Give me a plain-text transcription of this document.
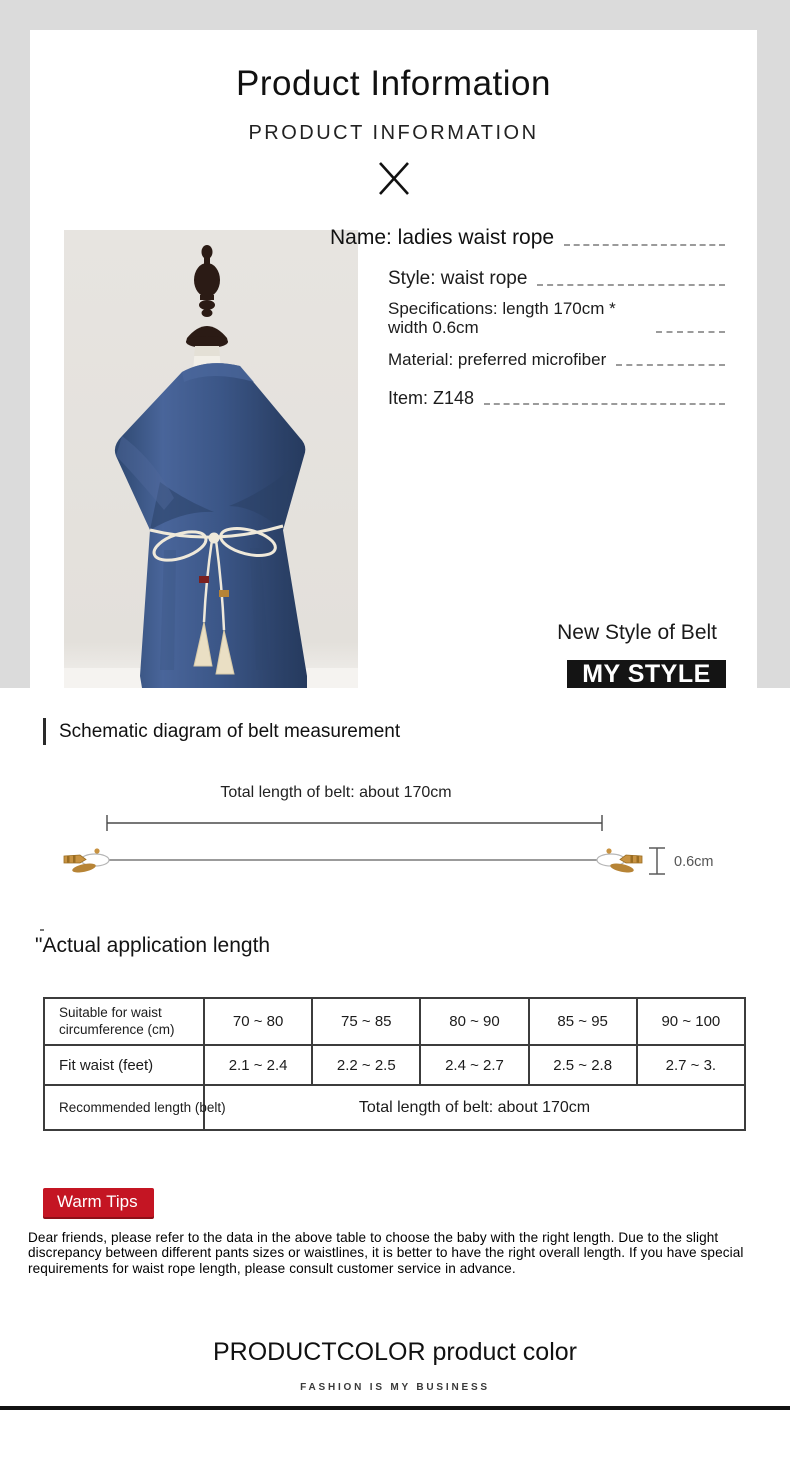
Product Information
PRODUCT INFORMATION
Name: ladies waist rope
Style: waist rope
Specifications: length 170cm * width 0.6cm
Material: preferred microfiber
Item: Z148
New Style of Belt
MY STYLE
Schematic diagram of belt measurement
Total length of belt: about 170cm
0.6cm
"Actual application length
Suitable for waist circumference (cm)	70 ~ 80	75 ~ 85	80 ~ 90	85 ~ 95	90 ~ 100
Fit waist (feet)	2.1 ~ 2.4	2.2 ~ 2.5	2.4 ~ 2.7	2.5 ~ 2.8	2.7 ~ 3.
Recommended length (belt)	Total length of belt: about 170cm				
Warm Tips
Dear friends, please refer to the data in the above table to choose the baby with the right length. Due to the slight discrepancy between different pants sizes or waistlines, it is better to have the right overall length. If you have special requirements for waist rope length, please consult customer service in advance.
PRODUCTCOLOR product color
FASHION IS MY BUSINESS
